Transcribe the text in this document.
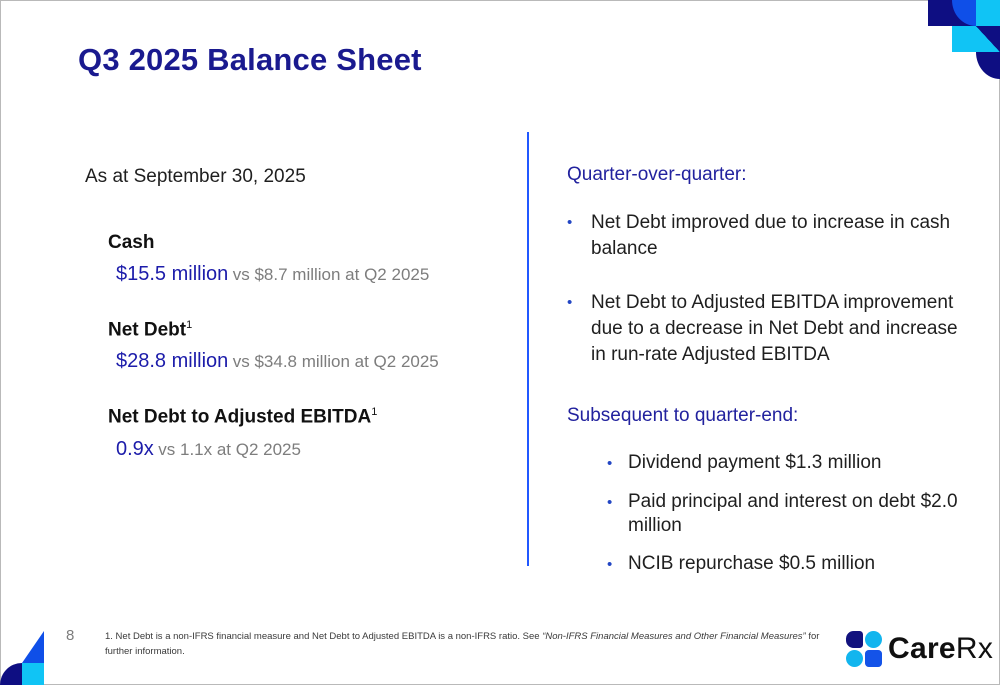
Q3 2025 Balance Sheet
As at September 30, 2025
Cash
$15.5 million vs $8.7 million at Q2 2025
Net Debt$^1$
$28.8 million vs $34.8 million at Q2 2025
Net Debt to Adjusted EBITDA$^1$
0.9x vs 1.1x at Q2 2025
Quarter-over-quarter:
• Net Debt improved due to increase in cash balance
• Net Debt to Adjusted EBITDA improvement due to a decrease in Net Debt and increase in run-rate Adjusted EBITDA
Subsequent to quarter-end:
• Dividend payment $1.3 million
• Paid principal and interest on debt $2.0 million
• NCIB repurchase $0.5 million
8	1. Net Debt is a non-IFRS financial measure and Net Debt to Adjusted EBITDA is a non-IFRS ratio. See “Non-IFRS Financial Measures and Other Financial Measures” for further information.	CareRx
